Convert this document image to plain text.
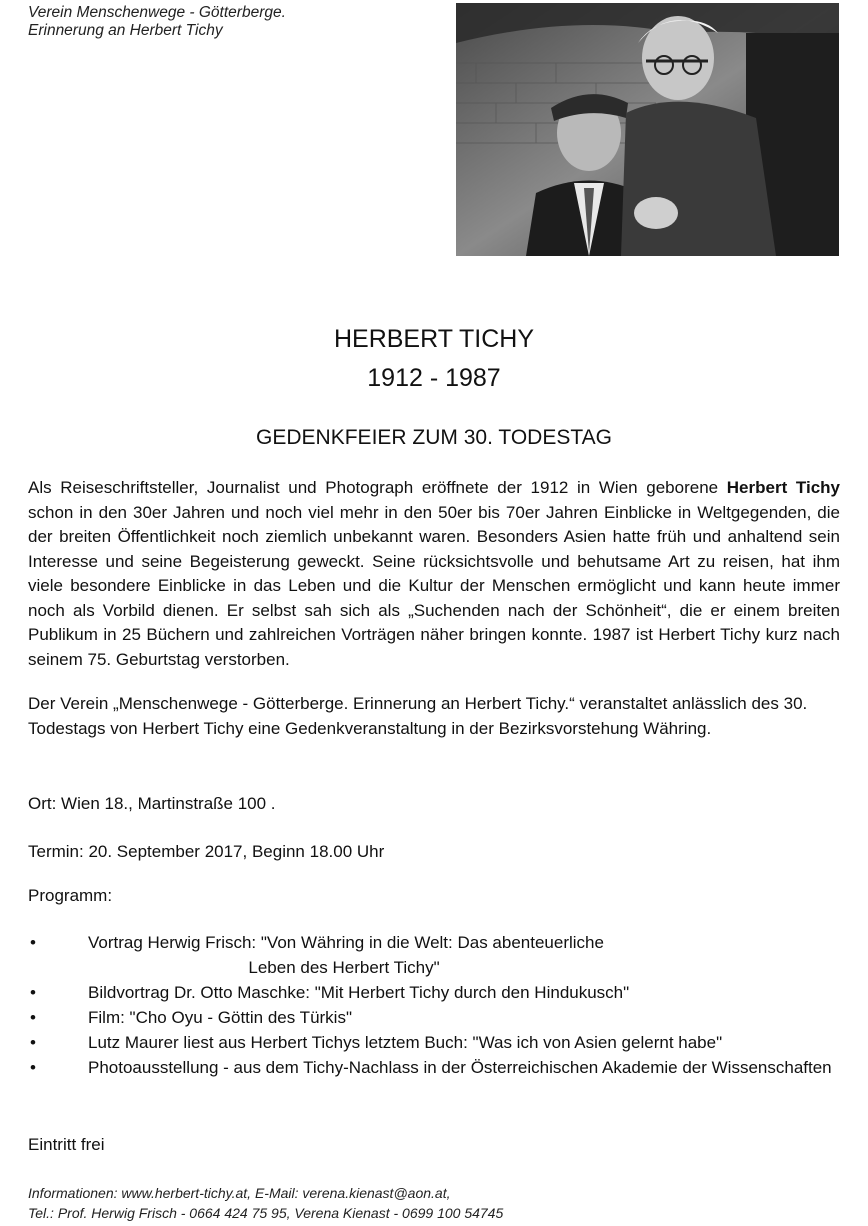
Verein Menschenwege - Götterberge.
Erinnerung an Herbert Tichy
HERBERT TICHY
1912 - 1987
GEDENKFEIER ZUM 30. TODESTAG
Als Reiseschriftsteller, Journalist und Photograph eröffnete der 1912 in Wien geborene Herbert Tichy schon in den 30er Jahren und noch viel mehr in den 50er bis 70er Jahren Einblicke in Weltgegenden, die der breiten Öffentlichkeit noch ziemlich unbekannt waren. Besonders Asien hatte früh und anhaltend sein Interesse und seine Begeisterung geweckt. Seine rücksichtsvolle und behutsame Art zu reisen, hat ihm viele besondere Einblicke in das Leben und die Kultur der Menschen ermöglicht und kann heute immer noch als Vorbild dienen. Er selbst sah sich als „Suchenden nach der Schönheit“, die er einem breiten Publikum in 25 Büchern und zahlreichen Vorträgen näher bringen konnte. 1987 ist Herbert Tichy kurz nach seinem 75. Geburtstag verstorben.
Der Verein „Menschenwege - Götterberge. Erinnerung an Herbert Tichy.“ veranstaltet anlässlich des 30. Todestags von Herbert Tichy eine Gedenkveranstaltung in der Bezirksvorstehung Währing.
Ort: Wien 18., Martinstraße 100 .
Termin: 20. September 2017, Beginn 18.00 Uhr
Programm:
•	Vortrag Herwig Frisch: "Von Währing in die Welt: Das abenteuerliche
Leben des Herbert Tichy"
•	Bildvortrag Dr. Otto Maschke: "Mit Herbert Tichy durch den Hindukusch"
•	Film: "Cho Oyu - Göttin des Türkis"
•	Lutz Maurer liest aus Herbert Tichys letztem Buch: "Was ich von Asien gelernt habe"
•	Photoausstellung - aus dem Tichy-Nachlass in der Österreichischen Akademie der Wissenschaften
Eintritt frei
Informationen: www.herbert-tichy.at, E-Mail: verena.kienast@aon.at,
Tel.: Prof. Herwig Frisch - 0664 424 75 95, Verena Kienast - 0699 100 54745
